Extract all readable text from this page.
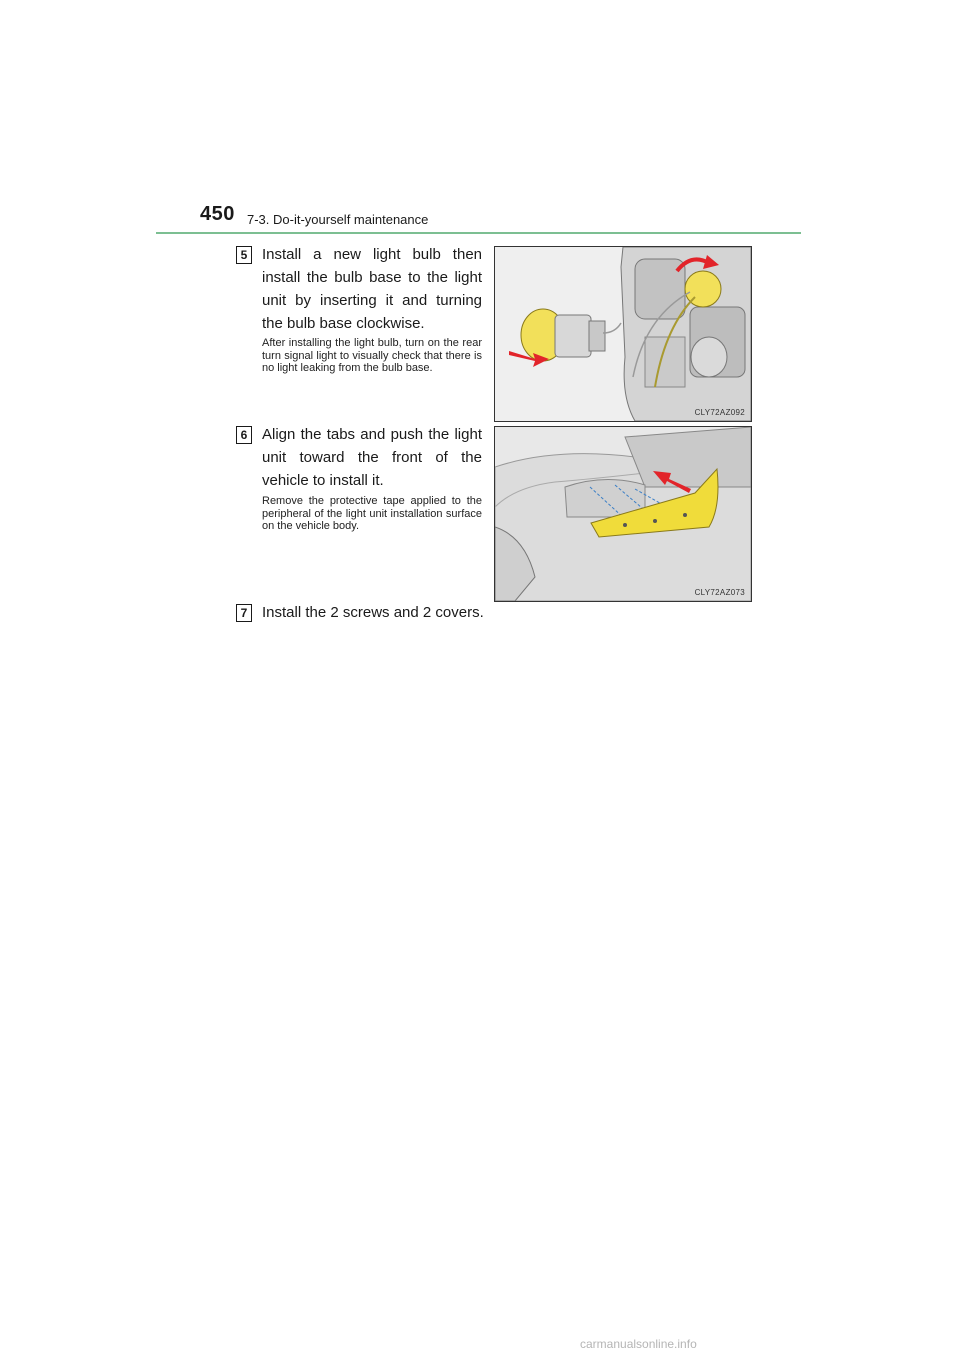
450 7-3. Do-it-yourself maintenance
5 Install a new light bulb then install the bulb base to the light unit by inserting it and turning the bulb base clockwise.
After installing the light bulb, turn on the rear turn signal light to visually check that there is no light leaking from the bulb base.
CLY72AZ092
6 Align the tabs and push the light unit toward the front of the vehicle to install it.
Remove the protective tape applied to the peripheral of the light unit installation surface on the vehicle body.
CLY72AZ073
7 Install the 2 screws and 2 covers.
carmanualsonline.info
